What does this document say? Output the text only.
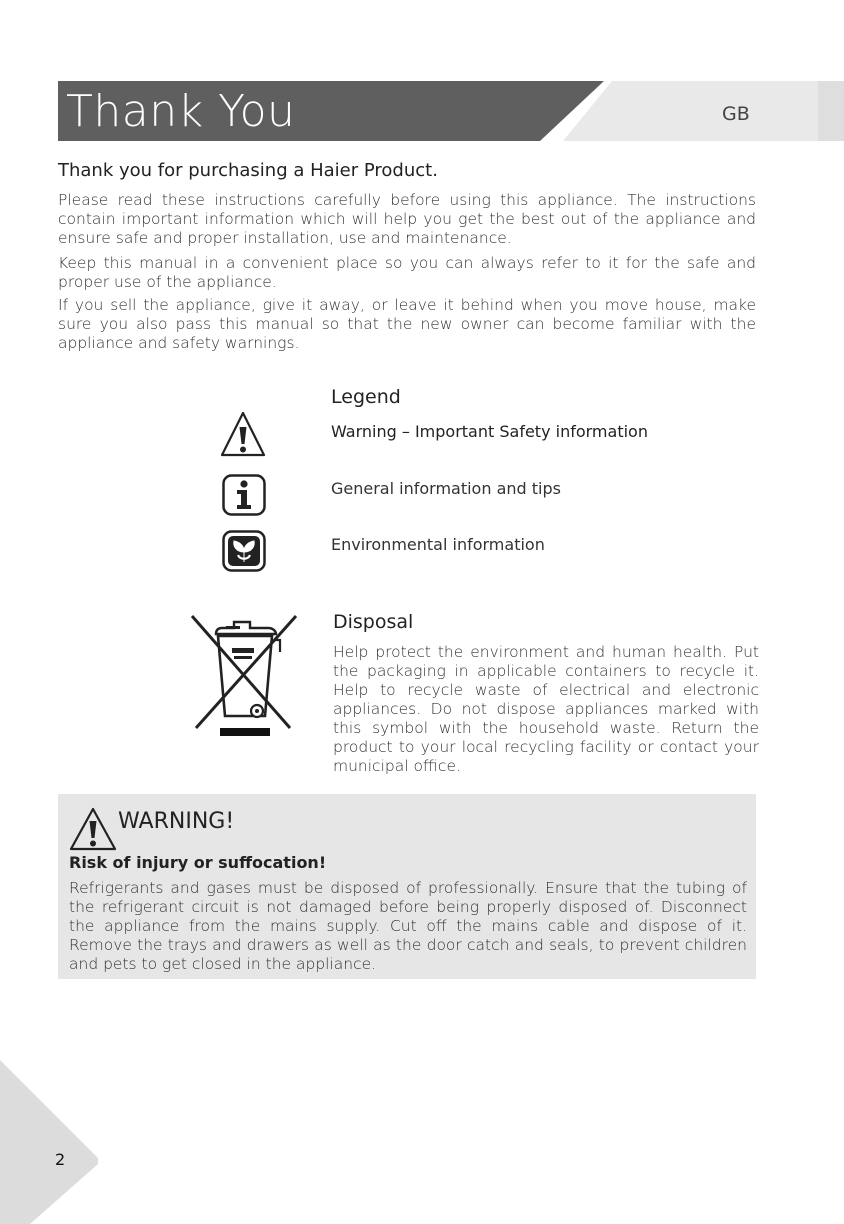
Thank You	GB
Thank you for purchasing a Haier Product.
Please read these instructions carefully before using this appliance. The instructions contain important information which will help you get the best out of the appliance and ensure safe and proper installation, use and maintenance.
Keep this manual in a convenient place so you can always refer to it for the safe and proper use of the appliance.
If you sell the appliance, give it away, or leave it behind when you move house, make sure you also pass this manual so that the new owner can become familiar with the appliance and safety warnings.
Legend
Warning – Important Safety information
General information and tips
Environmental information
Disposal
Help protect the environment and human health. Put the packaging in applicable containers to recycle it. Help to recycle waste of electrical and electronic appliances. Do not dispose appliances marked with this symbol with the household waste. Return the product to your local recycling facility or contact your municipal office.
WARNING!
Risk of injury or suffocation!
Refrigerants and gases must be disposed of professionally. Ensure that the tubing of the refrigerant circuit is not damaged before being properly disposed of. Disconnect the appliance from the mains supply. Cut off the mains cable and dispose of it. Remove the trays and drawers as well as the door catch and seals, to prevent children and pets to get closed in the appliance.
2
